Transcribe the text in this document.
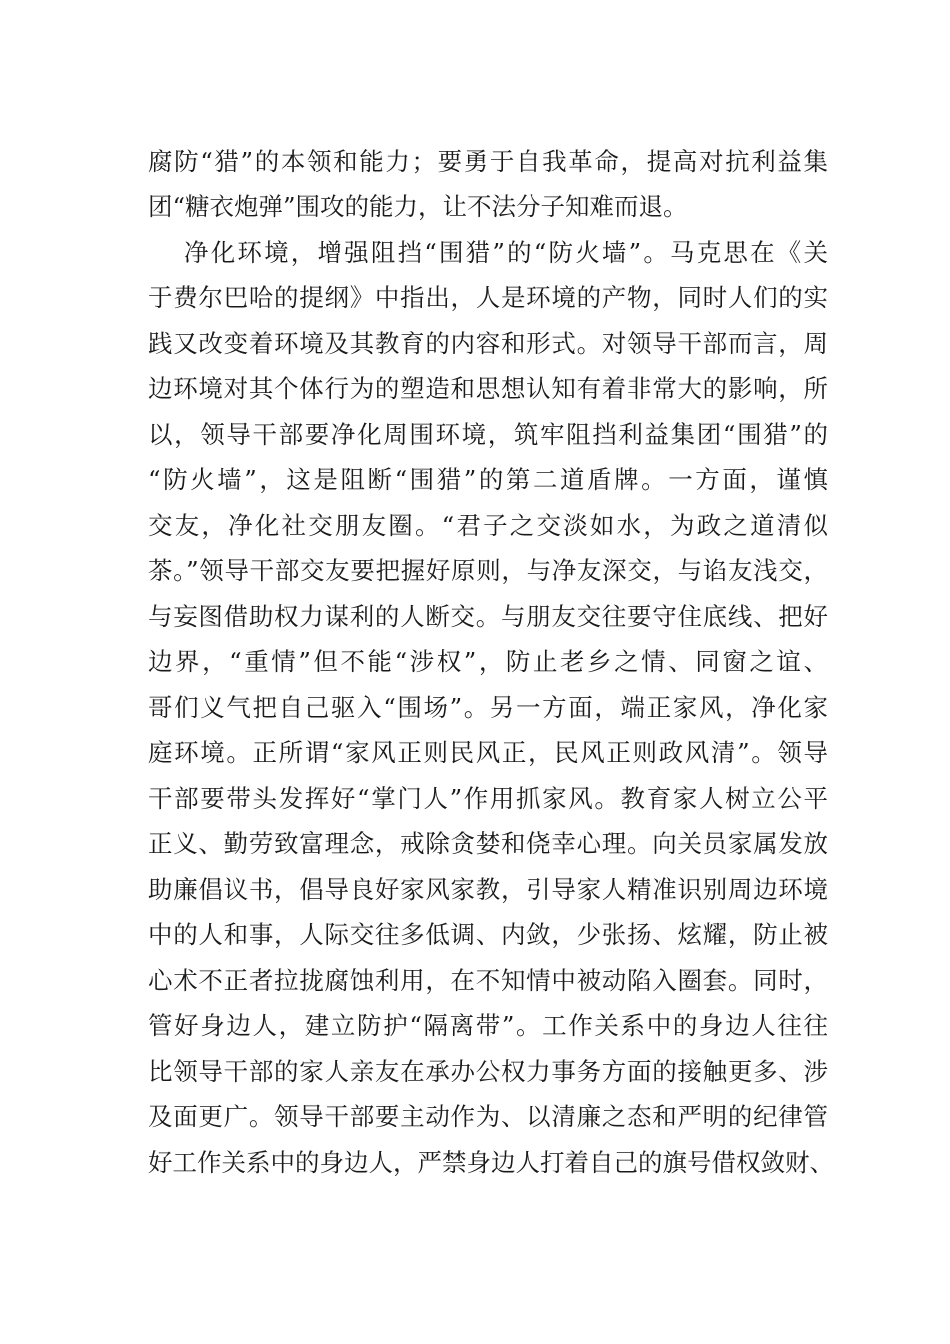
腐防“猎”的本领和能力；要勇于自我革命，提高对抗利益集
团“糖衣炮弹”围攻的能力，让不法分子知难而退。
净化环境，增强阻挡“围猎”的“防火墙”。马克思在《关
于费尔巴哈的提纲》中指出，人是环境的产物，同时人们的实
践又改变着环境及其教育的内容和形式。对领导干部而言，周
边环境对其个体行为的塑造和思想认知有着非常大的影响，所
以，领导干部要净化周围环境，筑牢阻挡利益集团“围猎”的
“防火墙”，这是阻断“围猎”的第二道盾牌。一方面，谨慎
交友，净化社交朋友圈。“君子之交淡如水，为政之道清似
茶。”领导干部交友要把握好原则，与净友深交，与谄友浅交，
与妄图借助权力谋利的人断交。与朋友交往要守住底线、把好
边界，“重情”但不能“涉权”，防止老乡之情、同窗之谊、
哥们义气把自己驱入“围场”。另一方面，端正家风，净化家
庭环境。正所谓“家风正则民风正，民风正则政风清”。领导
干部要带头发挥好“掌门人”作用抓家风。教育家人树立公平
正义、勤劳致富理念，戒除贪婪和侥幸心理。向关员家属发放
助廉倡议书，倡导良好家风家教，引导家人精准识别周边环境
中的人和事，人际交往多低调、内敛，少张扬、炫耀，防止被
心术不正者拉拢腐蚀利用，在不知情中被动陷入圈套。同时，
管好身边人，建立防护“隔离带”。工作关系中的身边人往往
比领导干部的家人亲友在承办公权力事务方面的接触更多、涉
及面更广。领导干部要主动作为、以清廉之态和严明的纪律管
好工作关系中的身边人，严禁身边人打着自己的旗号借权敛财、
